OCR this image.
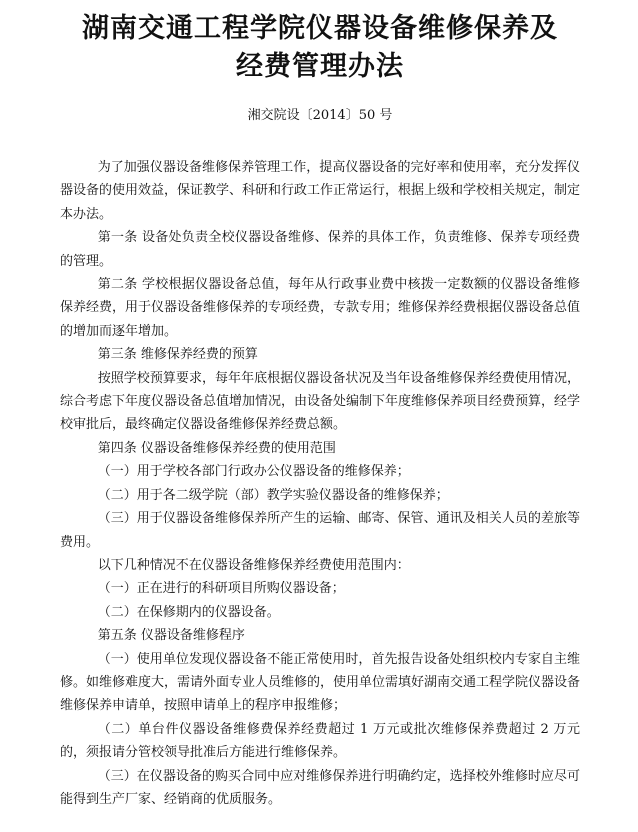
湖南交通工程学院仪器设备维修保养及
经费管理办法
湘交院设〔2014〕50 号

为了加强仪器设备维修保养管理工作，提高仪器设备的完好率和使用率，充分发挥仪器设备的使用效益，保证教学、科研和行政工作正常运行，根据上级和学校相关规定，制定本办法。

第一条 设备处负责全校仪器设备维修、保养的具体工作，负责维修、保养专项经费的管理。

第二条 学校根据仪器设备总值，每年从行政事业费中核拨一定数额的仪器设备维修保养经费，用于仪器设备维修保养的专项经费，专款专用；维修保养经费根据仪器设备总值的增加而逐年增加。

第三条 维修保养经费的预算

按照学校预算要求，每年年底根据仪器设备状况及当年设备维修保养经费使用情况，综合考虑下年度仪器设备总值增加情况，由设备处编制下年度维修保养项目经费预算，经学校审批后，最终确定仪器设备维修保养经费总额。

第四条 仪器设备维修保养经费的使用范围

（一）用于学校各部门行政办公仪器设备的维修保养；

（二）用于各二级学院（部）教学实验仪器设备的维修保养；

（三）用于仪器设备维修保养所产生的运输、邮寄、保管、通讯及相关人员的差旅等费用。

以下几种情况不在仪器设备维修保养经费使用范围内：

（一）正在进行的科研项目所购仪器设备；

（二）在保修期内的仪器设备。

第五条 仪器设备维修程序

（一）使用单位发现仪器设备不能正常使用时，首先报告设备处组织校内专家自主维修。如维修难度大，需请外面专业人员维修的，使用单位需填好湖南交通工程学院仪器设备维修保养申请单，按照申请单上的程序申报维修；

（二）单台件仪器设备维修费保养经费超过 1 万元或批次维修保养费超过 2 万元的，须报请分管校领导批准后方能进行维修保养。

（三）在仪器设备的购买合同中应对维修保养进行明确约定，选择校外维修时应尽可能得到生产厂家、经销商的优质服务。
